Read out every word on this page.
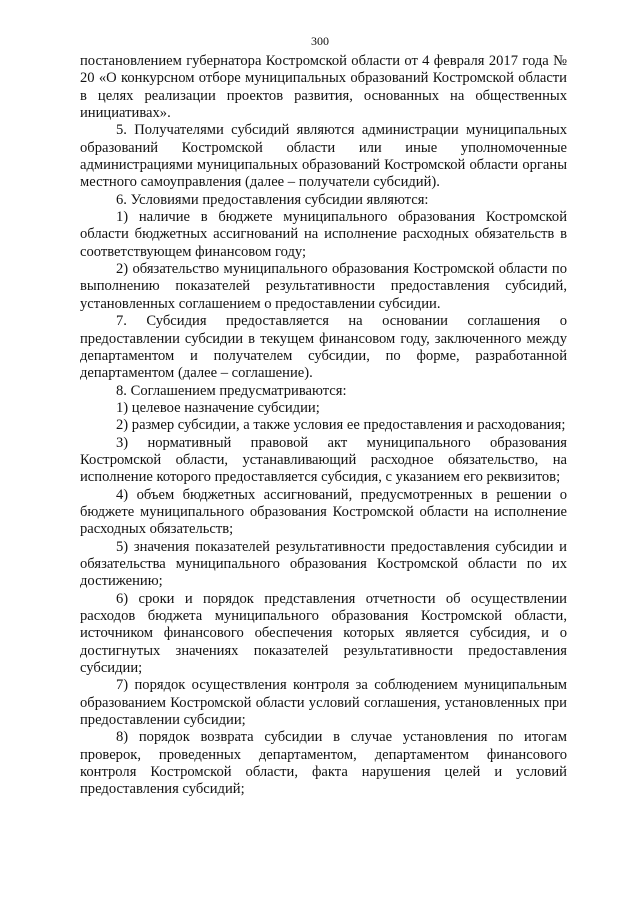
300

постановлением губернатора Костромской области от 4 февраля 2017 года № 20 «О конкурсном отборе муниципальных образований Костромской области в целях реализации проектов развития, основанных на общественных инициативах».

5. Получателями субсидий являются администрации муниципальных образований Костромской области или иные уполномоченные администрациями муниципальных образований Костромской области органы местного самоуправления (далее – получатели субсидий).

6. Условиями предоставления субсидии являются:

1) наличие в бюджете муниципального образования Костромской области бюджетных ассигнований на исполнение расходных обязательств в соответствующем финансовом году;

2) обязательство муниципального образования Костромской области по выполнению показателей результативности предоставления субсидий, установленных соглашением о предоставлении субсидии.

7. Субсидия предоставляется на основании соглашения о предоставлении субсидии в текущем финансовом году, заключенного между департаментом и получателем субсидии, по форме, разработанной департаментом (далее – соглашение).

8. Соглашением предусматриваются:

1) целевое назначение субсидии;

2) размер субсидии, а также условия ее предоставления и расходования;

3) нормативный правовой акт муниципального образования Костромской области, устанавливающий расходное обязательство, на исполнение которого предоставляется субсидия, с указанием его реквизитов;

4) объем бюджетных ассигнований, предусмотренных в решении о бюджете муниципального образования Костромской области на исполнение расходных обязательств;

5) значения показателей результативности предоставления субсидии и обязательства муниципального образования Костромской области по их достижению;

6) сроки и порядок представления отчетности об осуществлении расходов бюджета муниципального образования Костромской области, источником финансового обеспечения которых является субсидия, и о достигнутых значениях показателей результативности предоставления субсидии;

7) порядок осуществления контроля за соблюдением муниципальным образованием Костромской области условий соглашения, установленных при предоставлении субсидии;

8) порядок возврата субсидии в случае установления по итогам проверок, проведенных департаментом, департаментом финансового контроля Костромской области, факта нарушения целей и условий предоставления субсидий;
